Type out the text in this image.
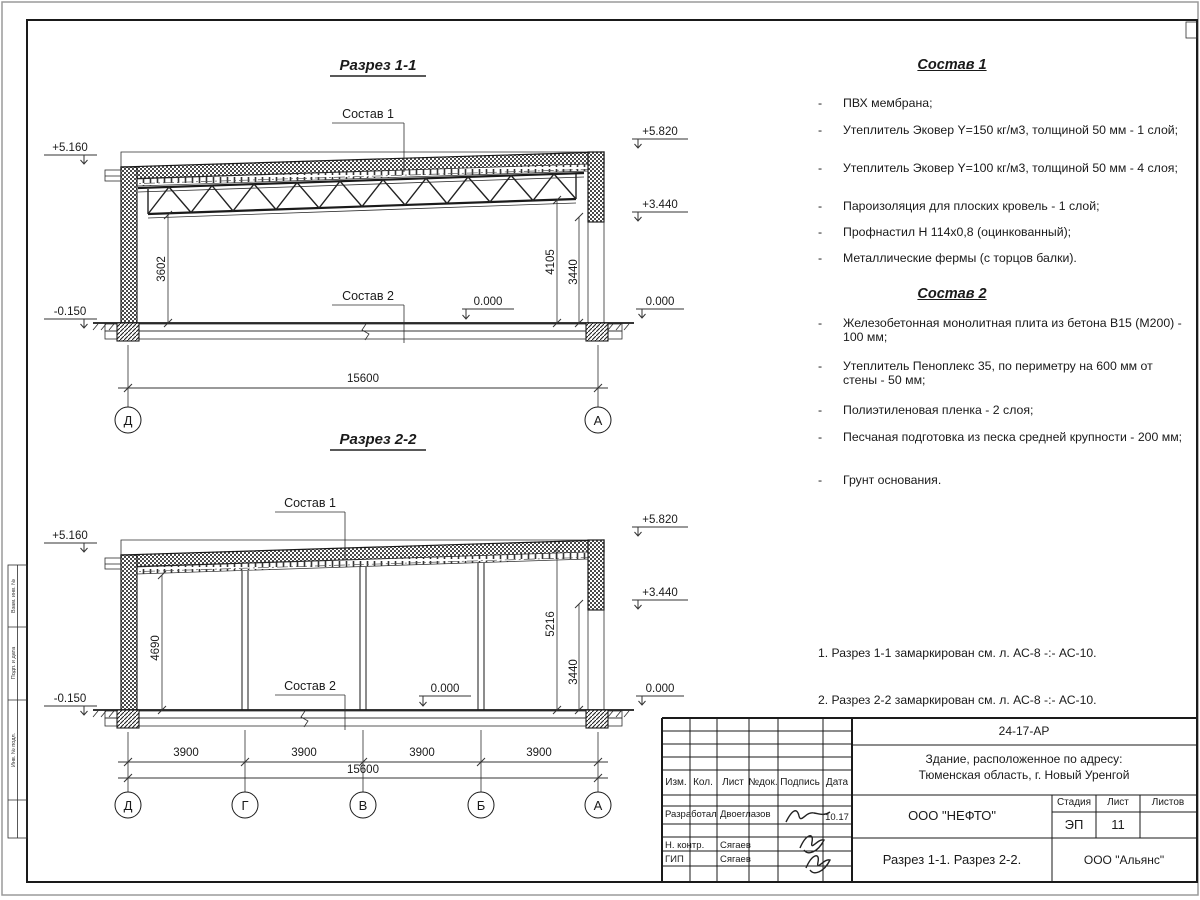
Взам. инв. №
Подп. и дата
Инв. № подл.
Разрез 1-1
Состав 1
Состав 2
3602	4105 3440
15600
Д	А
+5.160
-0.150
+5.820
+3.440
0.000
0.000
Разрез 2-2
Состав 1
Состав 2
4690
5216
3440
3900	3900	3900	3900
15600
Д	Г	В	Б	А
+5.160
-0.150
+5.820
+3.440
0.000
0.000
Состав 1
-	ПВХ мембрана;
-	Утеплитель Эковер Y=150 кг/м3, толщиной 50 мм - 1 слой;
-	Утеплитель Эковер Y=100 кг/м3, толщиной 50 мм - 4 слоя;
-	Пароизоляция для плоских кровель - 1 слой;
-	Профнастил Н 114х0,8 (оцинкованный);
-	Металлические фермы (с торцов балки).
Состав 2
-	Железобетонная монолитная плита из бетона В15 (М200) - 100 мм;
-	Утеплитель Пеноплекс 35, по периметру на 600 мм от стены - 50 мм;
-	Полиэтиленовая пленка - 2 слоя;
-	Песчаная подготовка из песка средней крупности - 200 мм;
-	Грунт основания.

1. Разрез 1-1 замаркирован см. л. АС-8 -:- АС-10.

2. Разрез 2-2 замаркирован см. л. АС-8 -:- АС-10.

24-17-АР
Здание, расположенное по адресу:
Тюменская область, г. Новый Уренгой
Изм. Кол. Лист №док. Подпись Дата
Разработал Двоеглазов	10.17
Н. контр. Сягаев
ГИП	Сягаев
ООО "НЕФТО"
Стадия Лист Листов
ЭП 11
Разрез 1-1. Разрез 2-2.	ООО "Альянс"
